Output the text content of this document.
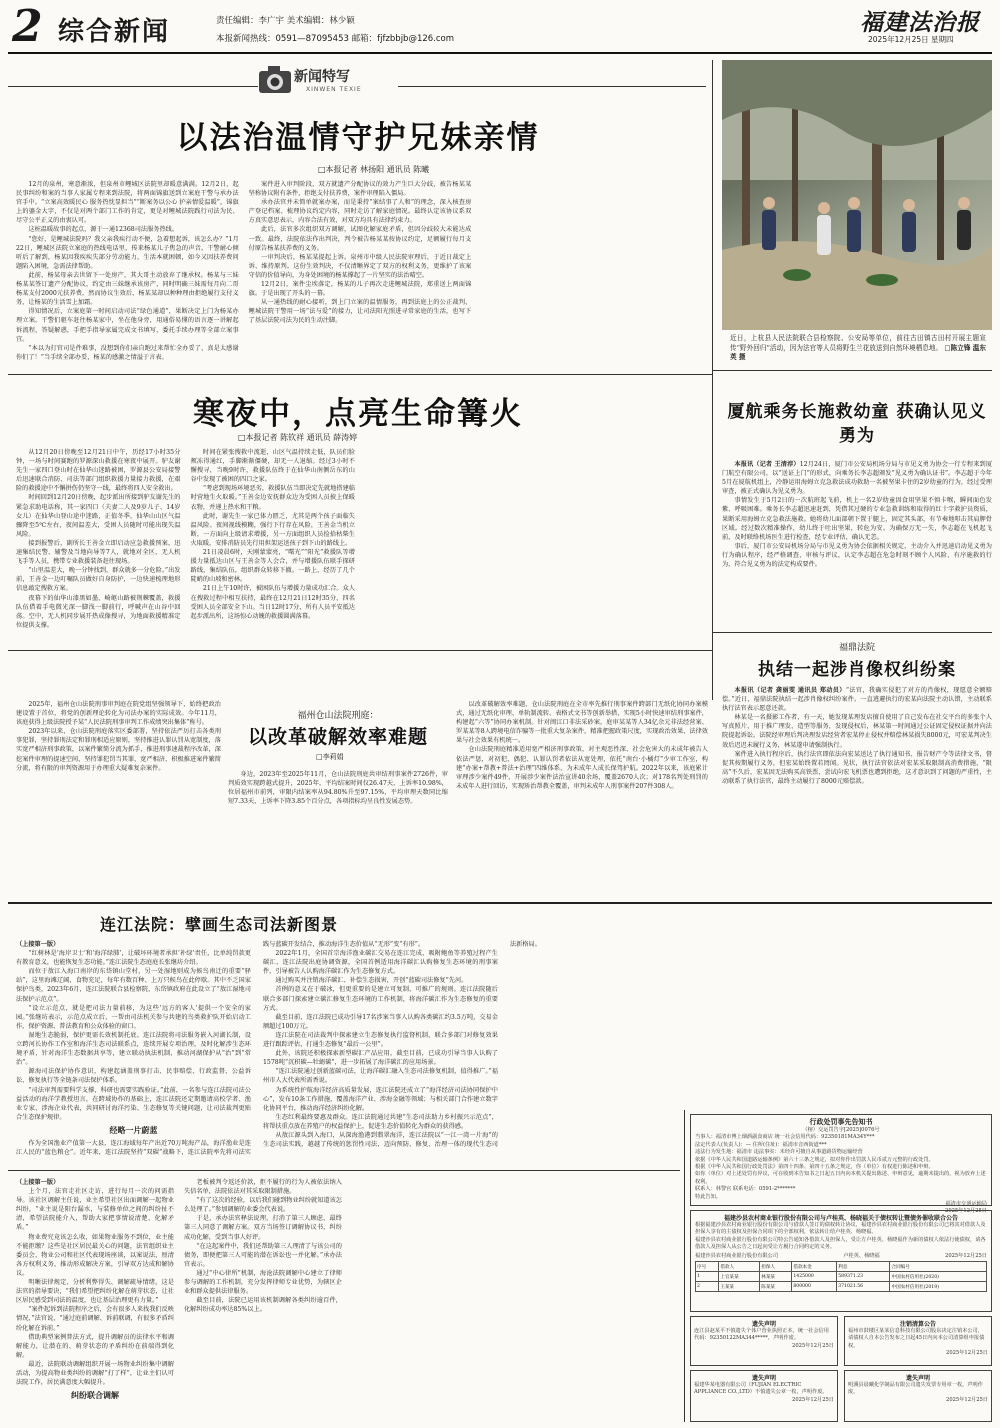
2 综合新闻	责任编辑：李广宇 美术编辑：林少颖
本报新闻热线：0591—87095453 邮箱：fjfzbbjb@126.com
福建法治报
2025年12月25日 星期四
新闻特写
XINWEN TEXIE
以法治温情守护兄妹亲情
□本报记者 林扬阳 通讯员 陈曦

12月的泉州，寒意渐浓，但泉州市鲤城区法院里却暖意满满。12月2日，起民事纠纷和案的当事人家属专程来到法院，将两面锦旗送到立案庭干警与承办法官手中。“立案高效暖民心 服务热忱显担当”“断案务以公心 护亲情爱温暖”，锦旗上的鎏金大字，不仅是对两个部门工作的肯定，更是对鲤城法院践行司法为民、尽守公平正义的由衷认可。

这桩温暖故事的起点，源于一通12368司法服务热线。

“您好，是鲤城法院吗？我父亲我疾行动不便，急着想起诉，该怎么办？”1月22日，鲤城区法院立案庭的热线电话里，传来杨某儿子焦急的声音。干警耐心倾听后了解到，杨某因我疾疾失部分劳动能力，生活本就困顿，如今又因扶养费问题陷入困境，急需法律帮助。

此前，杨某母亲去世留下一处房产，其大哥主动放弃了继承权。杨某与三妹杨某某签订遗产分配协议，约定由三妹继承该房产，同时明确三妹需每月向二哥杨某支付2000元扶养费，然而协议生效后，杨某某却以种种理由拒绝履行支付义务，让杨某的生活雪上加霜。

得知情况后，立案庭第一时间启动司法“绿色通道”，果断决定上门为杨某办理立案。干警们驱车赶往杨某家中，坐在他身旁，用通俗易懂的语言逐一讲解起诉流程、答疑解惑，手把手指导家属完成文书填写，委托手续办理等全部立案事宜。

“本以为打官司是件难事，没想到你们亲自跑过来帮忙全办妥了，真是太感谢你们了！”当手续全部办妥，杨某的感激之情溢于言表。

案件进入审判阶段，双方就遗产分配协议的效力产生巨大分歧，被告杨某某坚称协议附有条件，拒绝支付扶养费，案件审理陷入僵局。

承办法官并未简单就案办案，而是秉持“案结事了人和”的理念，深入核查房产登记档案、梳理协议约定内容，同时走访了解家庭情况。最终认定该协议系双方真实意思表示，内容合法有效，对双方均具有法律约束力。

此后，法官多次组织双方调解，试图化解家庭矛盾，但因分歧较大未能达成一致。最终，法院依法作出判决，判令被告杨某某按协议约定，足额履行每月支付原告杨某扶养费的义务。

一审判决后，杨某某提起上诉。泉州市中级人民法院审理后，于近日裁定上诉、维持原判。这份生效判决，不仅清晰界定了双方的权利义务，更维护了该案守信的价值导向，为身处困境的杨某撑起了一片坚实的法治晴空。

12月2日，案件尘埃落定，杨某的儿子再次走进鲤城法院，郑重送上两面锦旗。于是出现了开头的一幕。

从一通热线的耐心接听，到上门立案的温情服务，再到法庭上的公正裁判，鲤城法院干警用一场“法与爱”的接力，让司法阳光照进寻常家庭的生活，也写下了基层法院司法为民的生动注脚。

近日，上杭县人民法院联合县检察院、公安局等单位，前往古田镇古田村开展主题宣传“野外回归”活动，因为法官等人员将野生兰花放送到自然环境栖息地。 □陈立锋 温东英 摄
寒夜中，点亮生命篝火
□本报记者 陈钦祥 通讯员 薛涛婷

从12月20日傍晚至12月21日中午，历经17小时35分钟，一场与时间赛跑的罗源深山救援在寒夜中展开。驴友谢先生一家四口登山时在仙华山迷路被困，罗源县公安局接警后迅速联合消防、司法等部门组织救援力量接力救援，在艰险的救援途中不懈拼伤仍坚守一线，最终将四人安全救出。

时间回到12月20日傍晚，起步派出所接到驴友谢先生的紧急求助电话称，其一家四口（夫妻二人及9岁儿子、14岁女儿）在仙华山登山途中迷路，正值冬季，仙华山山区气温骤降至5℃左右，夜间温差大，受困人员随时可能出现失温风险。

接到报警后，副所长王善金立即启动应急救援预案，迅速集结民警、辅警及当地向导等7人，就地对全区、无人机飞手等人员，携带专业救援装备赶往现场。

“山里温差大，晚一分钟找到，群众就多一分危险。”出发前，王善金一边叮嘱队员做好自身防护，一边快速梳理地形信息敲定搜救方案。

夜幕下的仙华山漆黑如墨，崎岖山路被荆棘覆盖，救援队伍借着手电微光深一脚浅一脚前行，呼喊声在山谷中回荡。空中，无人机同步展开热成像搜寻，为地面救援精准定位提供支撑。

时间在紧张搜救中流逝，山区气温持续走低，队员们脸颊冻得通红，手脚渐渐僵硬，却无一人退缩。经过3小时不懈搜寻，当晚9时许，救援队伍终于在仙华山南侧岳东的山谷中发现了被困的四口之家。

“考虑到现场环境恶劣，救援队伍当即决定先就地搭建临时营地生火取暖。”王善金边安抚群众边为受困人员披上保暖衣物，并递上热水和干粮。

此时，谢先生一家已体力匮乏，尤其是两个孩子面临失温风险。夜间视线模糊，强行下行存在风险，王善金当机立断，一方面向上级请求增援，另一方面组织人员捡拾枯柴生火取暖，安排消防员先行用担架运送孩子到下山的路线上。

21日凌晨6时，天刚蒙蒙亮，“曙光”“阳光”救援队等增援力量抵达山区与王善金等人会合，并与增援队伍联手探研路线，集结队伍，组织群众转移下撤。一路上，经历了几个陡峭的山坡和密林。

21日上午10时许，被困队伍与增援力量成功汇合。众人在搜救过程中相互扶持，最终在12月21日12时35分，四名受困人员全部安全下山。当日12时17分，所有人员平安抵达起步派出所，这场惊心动魄的救援圆满落幕。

厦航乘务长施救幼童 获确认见义勇为

本报讯（记者 王清淳）12月24日，厦门市公安局机场分局与市见义勇为协会一行专程来到厦门航空有限公司，以“送证上门”的形式，向乘务长李志超颁发“见义勇为确认证书”。李志超于今年5月在厦航机组上，冷静运用海姆立克急救法成功救助一名被坚果卡住的2岁幼童的行为，经过受理审查，被正式确认为见义勇为。

事情发生于5月2日的一次航班起飞前，机上一名2岁幼童因食用坚果不慎卡喉，瞬间面色发紫、呼吸困难。乘务长李志超迅速赶到，凭借其过硬的专业急救训练和取得的红十字救护员资质，果断采用海姆立克急救法施救。她将幼儿面部朝下置于腿上，固定其头部，有节奏地叩击其肩胛骨区域。经过数次精准操作，幼儿终于吐出坚果，转危为安。为确保万无一失，李志超在飞机起飞前，及时联络机场医生进行检查，经专业评估，确认无恙。

事后，厦门市公安局机场分局与市见义勇为协会依据相关规定，主动介入并迅速启动见义勇为行为确认程序，经严格调查、审核与评议，认定李志超在危急时刻不顾个人风险、有序施救的行为，符合见义勇为的法定构成要件。

福鼎法院
执结一起涉肖像权纠纷案

本报讯（记者 龚丽雯 通讯员 郑动员）“法官，我确实侵犯了对方的肖像权，现愿意全额赔偿。”近日，福鼎法院执结一起涉肖像权纠纷案件。一直逃避执行的宏某向法院主动认错，主动联系执行法官表示愿意还款。

林某是一名摄影工作者，有一天，她发现某理发店擅自使用了自己发布在社交平台的多张个人写真照片，用于推广理发、造型等服务，发现侵权后，林某第一时间通过公证固定侵权证据并向法院提起诉讼。法院经审理后判决理发店经营者宏某停止侵权并赔偿林某损失8000元，可宏某判决生效后迟迟未履行义务，林某遂申请强制执行。

案件进入执行程序后，执行法官即依法向宏某送达了执行通知书、报告财产令等法律文书，督促其按期履行义务，但宏某始终置若罔闻。见状，执行法官依法对宏某采取限制高消费措施，“限高”不久后，宏某因无法购买高铁票，尝试向宏飞机票也遭到拒绝，这才意识到了问题的严重性，主动联系了执行法官，最终主动履行了8000元赔偿款。

2025年，福州仓山法院刑事审判庭在院党组坚强领导下，始终把政治建设置于首位，将党的创新理论转化为司法办案的实际成效。今年11月，该庭获得上级法院授予某“人民法院刑事审判工作成绩突出集体”称号。

2023年以来，仓山法院刑庭落实区委部署，坚持依法严厉打击各类刑事犯罪，坚持罪刑法定和罪刑相适应原则，坚持推进认罪认罚从宽制度，落实宽严相济刑事政策，以案件繁简分流为抓手，推进刑事速裁程序改革，深挖案件审理的提速空间，坚持罪犯罚当其罪、宽严相济，积极推进案件繁简分流，将有限的审判资源用于办理重大疑难复杂案件。

福州仓山法院刑庭：
以改革破解效率难题
□李莉娟

身边，2023年至2025年11月，仓山法院刑庭共审结刑事案件2726件，审判质效实现跨越式提升，2025年，平均结案时间仅26.47天，上诉率10.98%，位居福州市前列，审限内结案率从94.80%升至97.15%，平均审理天数同比缩短7.33天，上诉率下降3.85个百分点，各项指标均呈良性发展态势。

以改革破解效率难题，仓山法院刑庭在全市率先推行刑事案件跨部门无纸化协同办案模式，通过无纸化审理、单轨制流转、表格式文书等创新举措，实现5小时快速审结刑事案件，构建起“六等”协同办案机制。针对闽江口非法采砂案，庭审某某等人34亿余元非法经营案、罗某某等8人跨境电信诈骗等一批重大复杂案件，精准把握政策尺度，实现政治效果、法律效果与社会效果有机统一。

仓山法院刑庭精准适用宽严相济刑事政策，对主观恶性深、社会危害大的未成年被告人依法严惩，对初犯、偶犯、认罪认罚者依法从宽处理，依托“南台·小橘灯”少审工作室，构建“办案+帮教+普法+治理”四维体系，为未成年人成长保驾护航。2022年以来，该庭累计审理涉少案件49件，开展涉少案件法治宣讲40余场，覆盖2670人次；对178名判处刑罚的未成年人进行回访，实现矫治帮教全覆盖，审判未成年人刑事案件207件308人。

连江法院：擘画生态司法新图景

（上接第一版）

“红树林是‘海岸卫士’和‘海洋绿肺’，让破坏环境者承担‘补绿’责任，比单纯罚款更有教育意义，也能恢复生态功能。”连江法院生态庭庭长张继坊介绍。

而位于敖江入海口南岸的东岱镇山堂村，另一处湿地则成为候鸟南迁的重要“驿站”，这里海滩辽阔，食物充足，每年有数百种、上万只候鸟在此停歇。其中不乏国家保护鸟类，2023年6月，连江法院联合县检察院、东岱镇政府在此设立了“敖江湿地司法保护示范点”。

“设立示范点，就是把司法力量前移，为这些‘远方的客人’提供一个安全的家园。”张继坊表示，示范点成立后，一帮由司法机关参与共建的鸟类救护队开始启动工作，保护资源、普法教育和公众体验的窗口。

湿地生态脆弱，保护更需长效机制托底。连江法院将司法服务嵌入河湖长制，设立跨河长协作工作室和海洋生态司法联系点，连续开展专项治理，及时化解涉生态环境矛盾，针对海洋生态数据共享等，建立联动执法机制，推动河湖保护从“治”到“常治”。

源海司法保护协作意识，构建起涵盖刑事打击、民事赔偿、行政监督、公益诉讼、修复执行等全链条司法保护体系。

“司法审判需要科学支撑，科研也需要实践验证。”此前，一名参与连江法院司法公益活动的海洋学教授坦言，在跨域协作的基础上，连江法院还定期邀请高校学者、渔业专家、涉海企业代表，共同研讨海洋污染、生态修复等关键问题，让司法裁判更贴合生态保护规律。

经略一片蔚蓝

作为全国渔业产值第一大县，连江海域每年产出近70万吨海产品，海洋渔业是连江人民的“蓝色粮仓”。近年来，连江法院坚持“双碳”战略下，连江法院率先将司法实践与蓝碳开发结合，推动海洋生态价值从“无形”变“有形”。

2022年1月，全国首宗海洋渔业碳汇交易在连江完成，吸附鲍鱼等养殖过程产生碳汇，连江法院出庭协调资源，全国首例适用海洋碳汇认购修复生态环境的刑事案件，引导被告人认购海洋碳汇作为生态修复方式。

通过购买并注销海洋碳汇、补偿生态损害，开创“蓝碳司法修复”先河。

首例的意义在于破冰，但更重要的是建立可复制、可推广的规则。连江法院随后联合多部门探索建立碳汇修复生态环境的工作机制，将海洋碳汇作为生态修复的重要方式。

截至目前，连江法院已成功引导17名涉案当事人认购各类碳汇约3.5万吨，交易金额超过100万元。

连江法院在司法裁判中探索建立生态修复执行监督机制，联合多部门对修复效果进行跟踪评估，打通生态修复“最后一公里”。

此外，该院还积极探索新型碳汇产品应用，截至目前，已成功引导当事人认购了1578吨“沉积碳—牡蛎碳”，进一步拓展了海洋碳汇的应用场景。

“连江法院通过创新蓝碳司法，让海洋碳汇融入生态司法修复机制，值得推广。”福州市人大代表所需香说。

为系统性护航海洋经济高质量发展，连江法院还成立了“海洋经济司法协同保护中心”，发布10条工作措施，覆盖海洋产业、涉海金融等领域；与相关部门合作建立数字化协同平台，推动海洋经济纠纷化解。

生态红利最终要惠及群众。连江法院通过共建“生态司法助力乡村振兴示范点”，将帮扶重点放在养殖户的权益保护上，促进生态价值转化为群众的获得感。

从敖江源头到入海口，从深海渔港到翡翠海洋，连江法院以“一江一湾一片海”的生态司法实践，越越了传统的惩罚性司法，迈向预防、修复、治理一体的现代生态司法新格局。

（上接第一版）

上个月，法官走社区走访，进行每月一次的问需指导。该社区调解主任说，业主希望社区出面调解一起物业纠纷，“业主说是阳台漏水，与装修单位之间的纠纷扯不清，希望法院能介入，帮助大家把事情说清楚、化解矛盾。”

物业费究竟该怎么收，如果物业服务不到位，业主能不能拒缴？这些是社区居民最关心的问题，法官组织业主委员会、物业公司和社区代表现场座谈，以案说法，厘清各方权利义务，推动形成解决方案，引导双方达成和解协议。

明晰法律规定、分析利弊得失、调解疏导情绪，这是法官的指导要诀，“我们希望把纠纷化解在萌芽状态，让社区居民感受到司法的温度，也让基层治理更有力量。”

“案件起诉到法院程序之后，会有很多人来找我们反映情况，”法官说，“通过庭前调解、诉前联调，有很多矛盾纠纷化解在诉前。”

借助典型案例普法方式，提升调解员的法律水平和调解能力，让潜在的、萌芽状态的矛盾纠纷在前端得到化解。

最近，法院联动调解组织开展一场物业纠纷集中调解活动，为提高物业类纠纷的调解“打了样”，让业主们认可法院工作，居民满意度大幅提升。

纠纷联合调解

老板被判令返还价款，拒不履行的行为人被依法纳入失信名单，法院依法对其采取限制措施。

“有了这次的经验，以后我们碰到物业纠纷就知道该怎么处理了。”参加调解的业委会代表说。

于是，承办法官释法说理，打消了第三人顾虑，最终第三人同意了调解方案。双方当场签订调解协议书，纠纷成功化解，受到当事人好评。

“在这起案件中，我们还帮助第三人理清了与该公司的债务，即便把第三人可能的潜在诉讼也一并化解。”承办法官表示。

通过“中心律所”机制，海沧法院调解中心建立了律师参与调解的工作机制，充分发挥律师专业优势，为辖区企业和群众提供法律服务。

截至目前，法院已运用该机制调解各类纠纷逾百件，化解纠纷成功率达85%以上。

行政处罚事先告知书
（榕）交运罚告字[2025]0076号
当事人：福清市博上烟酒副食商店 统一社会信用代码：92350181MA34Y***
法定代表人(负责人)：— 住所(住址)：福清市音西街道***
违法行为发生地：福清市 违法事实：未经许可擅自从事道路货物运输经营
依据《中华人民共和国道路运输条例》第六十三条之规定，拟对你作出罚款人民币贰万元整的行政处罚。
根据《中华人民共和国行政处罚法》第四十四条、第四十五条之规定，你（单位）有权进行陈述和申辩。
如你（单位）对上述处罚有异议，可在收到本告知书之日起五日内向本机关提出陈述、申辩意见，逾期未提出的，视为放弃上述权利。
联系人：林警官 联系电话：0591-2*******
特此告知。
福清市交通运输局
2025年12月25日
福建沙县农村商业银行股份有限公司与卢桂英、杨晓福关于债权转让暨债务催收联合公告
根据福建沙县农村商业银行股份有限公司与借款人签订的债权转让协议，福建沙县农村商业银行股份有限公司已将其对借款人及担保人享有的主债权及担保合同项下的全部权利，依法转让给卢桂英、杨晓福。
福建沙县农村商业银行股份有限公司特公告通知各借款人及担保人，受让方卢桂英、杨晓福作为新的债权人依法行使债权，请各借款人及担保人从公告之日起向受让方履行合同约定的义务。
福建沙县农村商业银行股份有限公司	卢桂英、杨晓福	2025年12月25日
序号	借款人	担保人	借款本金	利息	合同编号
1	上官某某	林某某	1425000	589371.23	中国农村信用社(2020)
2	王某某	陈某某	800000	371021.56	中国农村信用社(2019)
遗失声明
连江县赵某平不慎遗失个体户营业执照正本，统一社会信用代码：92350122MA344*****，声明作废。
2025年12月25日
注销清算公告
福州市鼓楼区某某信息科技有限公司股东决定注销本公司，请债权人自本公告发布之日起45日内向本公司清算组申报债权。
2025年12月25日
遗失声明
福建华某电器有限公司（FUJIAN ELECTRIC APPLIANCE CO.,LTD）不慎遗失公章一枚，声明作废。
2025年12月25日
遗失声明
明溪县晨曦化学制品有限公司遗失发票专用章一枚，声明作废。
2025年12月25日
